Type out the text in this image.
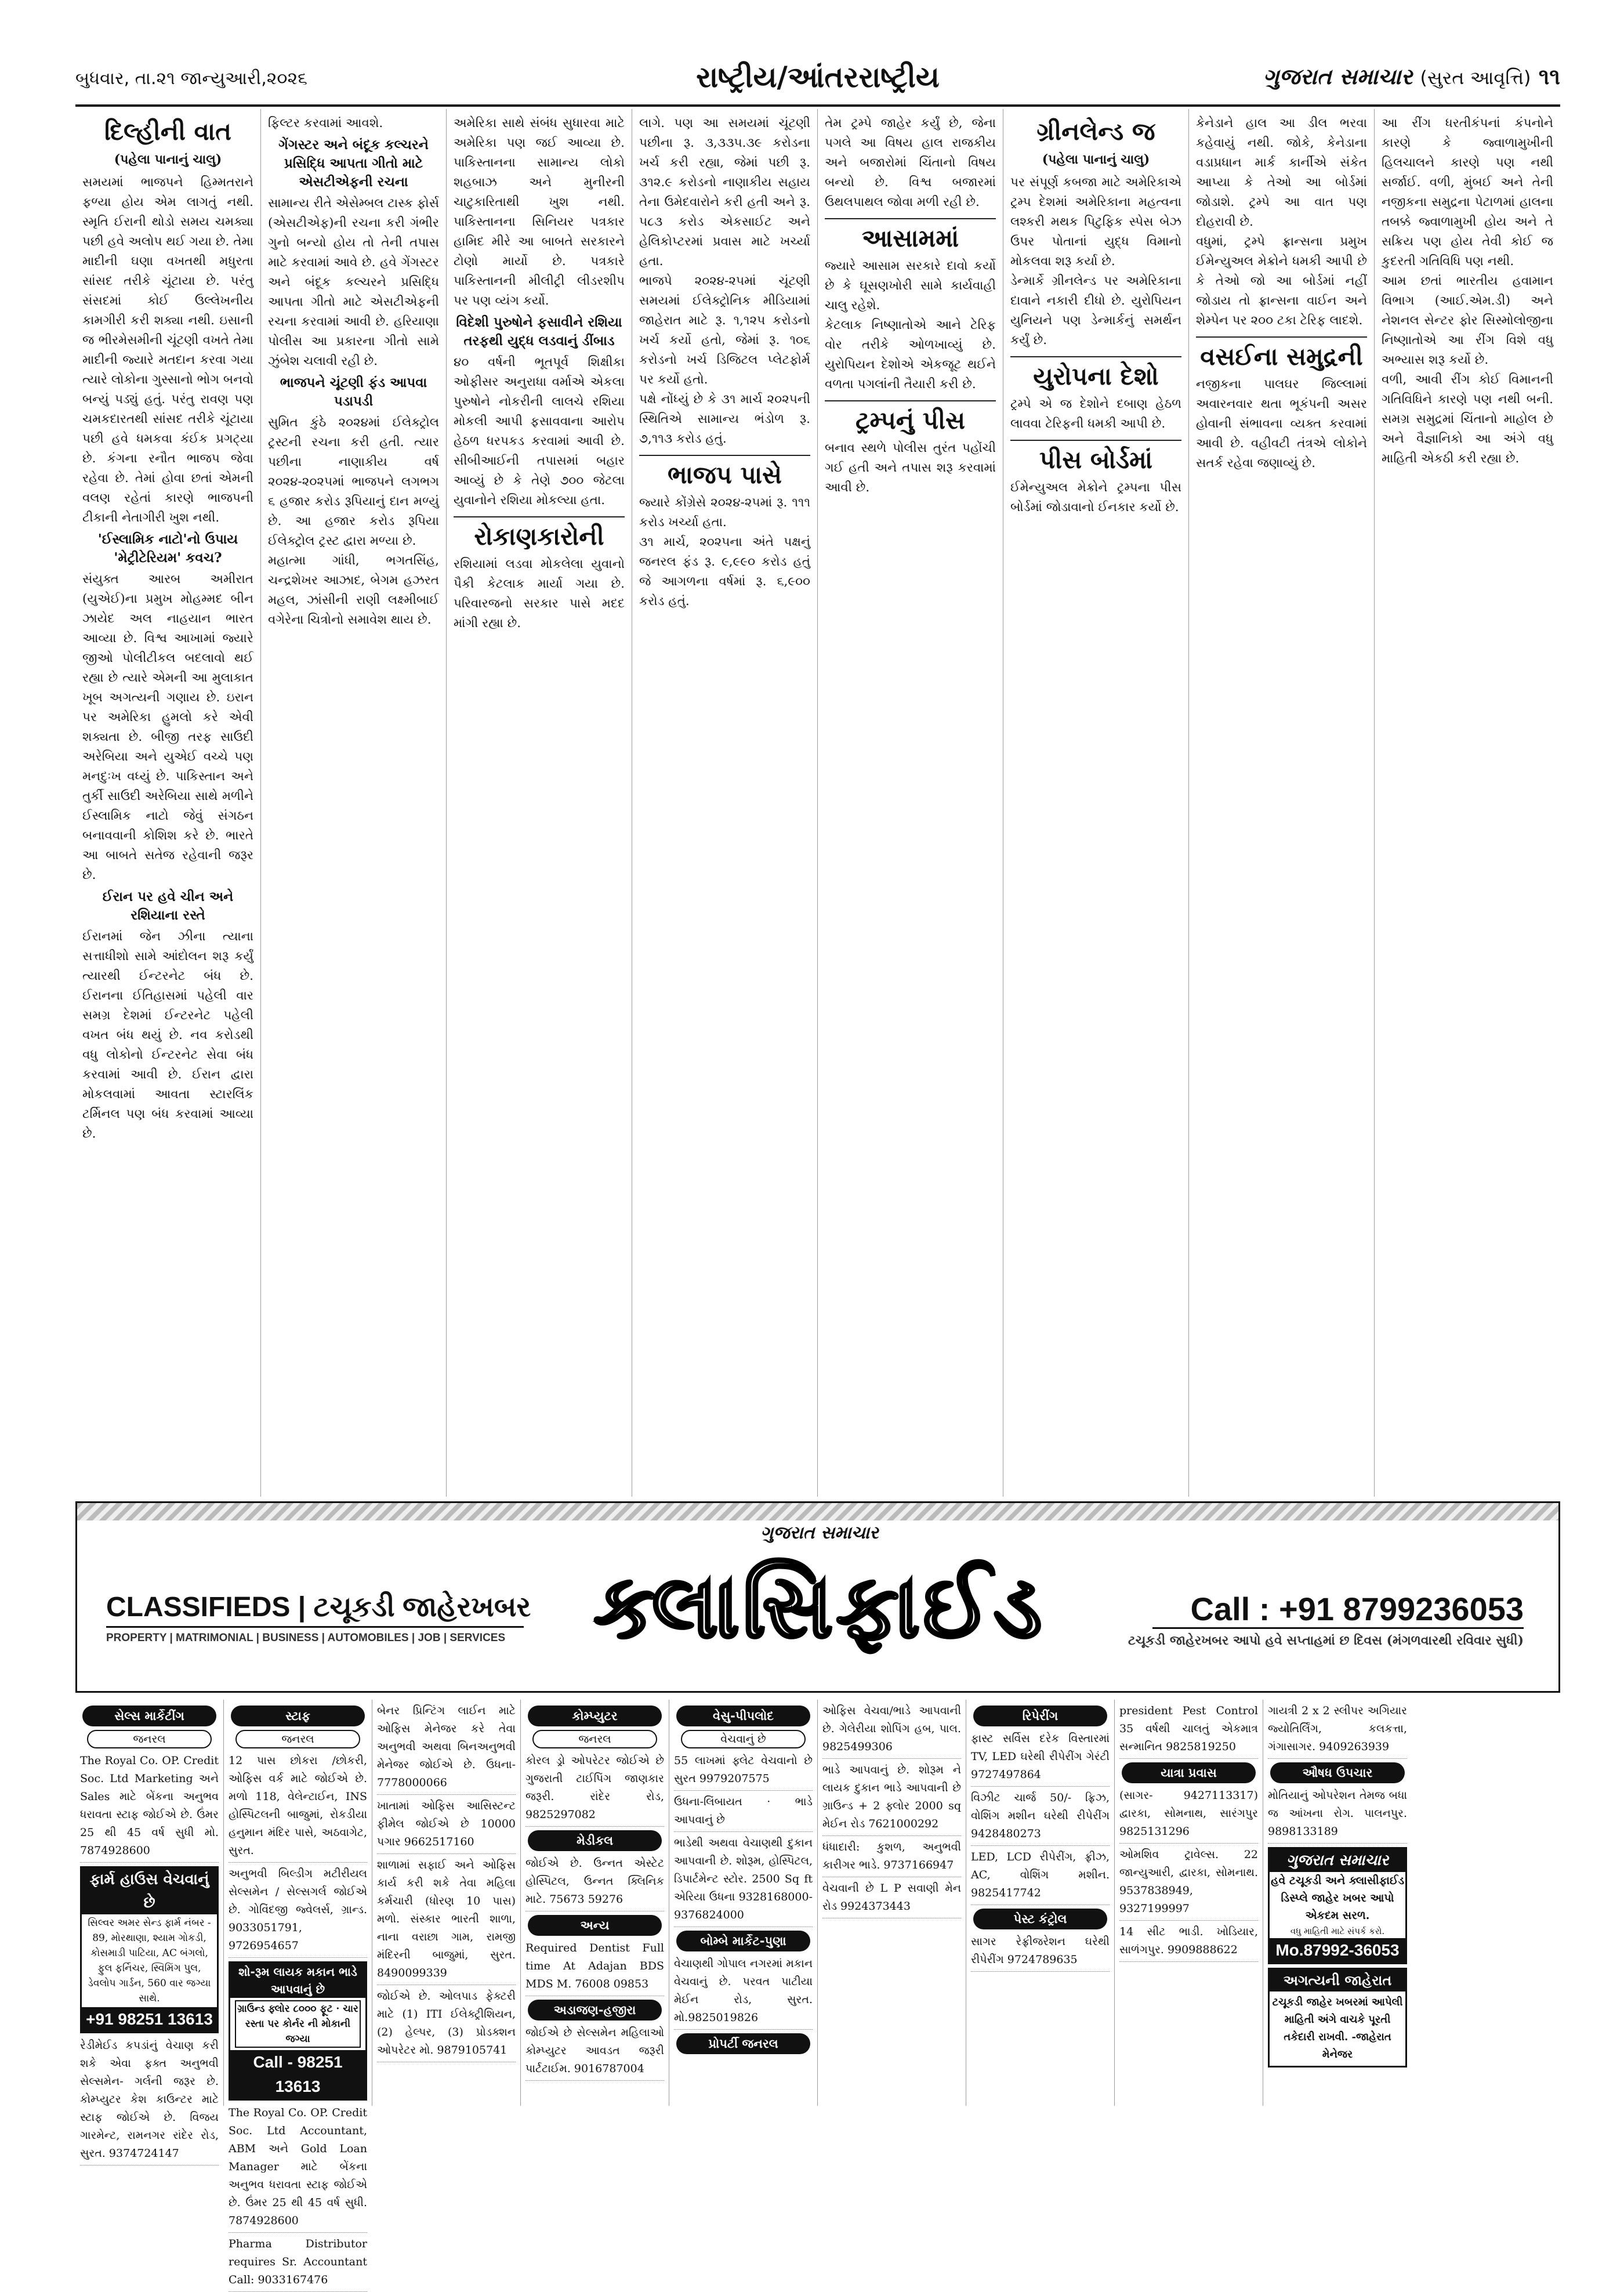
બુધવાર, તા.૨૧ જાન્યુઆરી,૨૦૨૬	રાષ્ટ્રીય/આંતરરાષ્ટ્રીય	ગુજરાત સમાચાર (સુરત આવૃત્તિ) ૧૧
દિલ્હીની વાત
(પહેલા પાનાનું ચાલુ)
સમયમાં ભાજપને હિમ્મતરાને ફળ્યા હોય એમ લાગતું નથી. સ્મૃતિ ઈરાની થોડો સમય ચમક્યા પછી હવે અલોપ થઈ ગયા છે. તેમા માદીની ઘણા વખતથી મધુરતા સાંસદ તરીકે ચૂંટાયા છે. પરંતુ સંસદમાં કોઈ ઉલ્લેખનીય કામગીરી કરી શક્યા નથી. ઇસાની જ ભીરમેસમીની ચૂંટણી વખતે તેમા માદીની જ્યારે મતદાન કરવા ગયા ત્યારે લોકોના ગુસ્સાનો ભોગ બનવો બન્યું પડ્યું હતું. પરંતુ રાવણ પણ ચમકદારતથી સાંસદ તરીકે ચૂંટાયા પછી હવે ધમકવા કંઈક પ્રગટ્યા છે. કંગના રનૌત ભાજપ જેવા રહેવા છે. તેમાં હોવા છતાં એમની વલણ રહેતાં કારણે ભાજપની ટીકાની નેતાગીરી ખુશ નથી.
'ઈસ્લામિક નાટો'નો ઉપાય 'મેટ્રીટેરિયમ' કવચ?
સંયુક્ત આરબ અમીરાત (યુએઈ)ના પ્રમુખ મોહમ્મદ બીન ઝાયેદ અલ નાહયાન ભારત આવ્યા છે. વિશ્વ આખામાં જ્યારે જીઓ પોલીટીકલ બદલાવો થઈ રહ્યા છે ત્યારે એમની આ મુલાકાત ખૂબ અગત્યની ગણાય છે. ઇરાન પર અમેરિકા હુમલો કરે એવી શક્યતા છે. બીજી તરફ સાઉદી અરેબિયા અને યુએઈ વચ્ચે પણ મનદુઃખ વધ્યું છે. પાકિસ્તાન અને તુર્કી સાઉદી અરેબિયા સાથે મળીને ઈસ્લામિક નાટો જેવું સંગઠન બનાવવાની કોશિશ કરે છે. ભારતે આ બાબતે સતેજ રહેવાની જરૂર છે.
ઈરાન પર હવે ચીન અને રશિયાના રસ્તે
ઈરાનમાં જેન ઝીના ત્યાના સત્તાધીશો સામે આંદોલન શરૂ કર્યું ત્યારથી ઈન્ટરનેટ બંધ છે. ઈરાનના ઈતિહાસમાં પહેલી વાર સમગ્ર દેશમાં ઈન્ટરનેટ પહેલી વખત બંધ થયું છે. નવ કરોડથી વધુ લોકોનો ઈન્ટરનેટ સેવા બંધ કરવામાં આવી છે. ઈરાન દ્વારા મોકલવામાં આવતા સ્ટારલિંક ટર્મિનલ પણ બંધ કરવામાં આવ્યા છે.
ફિલ્ટર કરવામાં આવશે.
ગેંગસ્ટર અને બંદૂક કલ્ચરને પ્રસિદ્ધિ આપતા ગીતો માટે એસટીએફની રચના
સામાન્ય રીતે એસેમ્બલ ટાસ્ક ફોર્સ (એસટીએફ)ની રચના કરી ગંભીર ગુનો બન્યો હોય તો તેની તપાસ માટે કરવામાં આવે છે. હવે ગેંગસ્ટર અને બંદૂક કલ્ચરને પ્રસિદ્ધિ આપતા ગીતો માટે એસટીએફની રચના કરવામાં આવી છે. હરિયાણા પોલીસ આ પ્રકારના ગીતો સામે ઝુંબેશ ચલાવી રહી છે.
ભાજપને ચૂંટણી ફંડ આપવા પડાપડી
સુમિત કુંઠે ૨૦૨૪માં ઈલેક્ટ્રોલ ટ્રસ્ટની રચના કરી હતી. ત્યાર પછીના નાણાકીય વર્ષ ૨૦૨૪-૨૦૨૫માં ભાજપને લગભગ ૬ હજાર કરોડ રૂપિયાનું દાન મળ્યું છે. આ હજાર કરોડ રૂપિયા ઈલેક્ટ્રોલ ટ્રસ્ટ દ્વારા મળ્યા છે.
મહાત્મા ગાંધી, ભગતસિંહ, ચન્દ્રશેખર આઝાદ, બેગમ હઝરત મહલ, ઝાંસીની રાણી લક્ષ્મીબાઈ વગેરેના ચિત્રોનો સમાવેશ થાય છે.
અમેરિકા સાથે સંબંધ સુધારવા માટે અમેરિકા પણ જઈ આવ્યા છે. પાકિસ્તાનના સામાન્ય લોકો શહબાઝ અને મુનીરની ચાટુકારિતાથી ખુશ નથી. પાકિસ્તાનના સિનિયર પત્રકાર હામિદ મીરે આ બાબતે સરકારને ટોણો માર્યો છે. પત્રકારે પાકિસ્તાનની મીલીટ્રી લીડરશીપ પર પણ વ્યંગ કર્યો.
વિદેશી પુરુષોને ફસાવીને રશિયા તરફથી યુદ્ધ લડવાનું ડીંબાડ
૪૦ વર્ષની ભૂતપૂર્વ શિક્ષીકા ઓફીસર અનુરાધા વર્માએ એકલા પુરુષોને નોકરીની લાલચે રશિયા મોકલી આપી ફસાવવાના આરોપ હેઠળ ધરપકડ કરવામાં આવી છે. સીબીઆઈની તપાસમાં બહાર આવ્યું છે કે તેણે ૭૦૦ જેટલા યુવાનોને રશિયા મોકલ્યા હતા.
રોકાણકારોની
રશિયામાં લડવા મોકલેલા યુવાનો પૈકી કેટલાક માર્યા ગયા છે. પરિવારજનો સરકાર પાસે મદદ માંગી રહ્યા છે.
લાગે. પણ આ સમયમાં ચૂંટણી પછીના રૂ. ૩,૩૩૫.૩૯ કરોડના ખર્ચ કરી રહ્યા, જેમાં પછી રૂ. ૩૧૨.૯ કરોડનો નાણાકીય સહાય તેના ઉમેદવારોને કરી હતી અને રૂ. ૫૮૩ કરોડ એકસાઈટ અને હેલિકોપ્ટરમાં પ્રવાસ માટે ખર્ચ્યા હતા.
ભાજપે ૨૦૨૪-૨૫માં ચૂંટણી સમયમાં ઈલેક્ટ્રોનિક મીડિયામાં જાહેરાત માટે રૂ. ૧,૧૨૫ કરોડનો ખર્ચ કર્યો હતો, જેમાં રૂ. ૧૦૬ કરોડનો ખર્ચ ડિજિટલ પ્લેટફોર્મ પર કર્યો હતો.
પક્ષે નોંધ્યું છે કે ૩૧ માર્ચ ૨૦૨૫ની સ્થિતિએ સામાન્ય ભંડોળ રૂ. ૭,૧૧૩ કરોડ હતું.
ભાજપ પાસે
જ્યારે કોંગ્રેસે ૨૦૨૪-૨૫માં રૂ. ૧૧૧ કરોડ ખર્ચ્યા હતા.
૩૧ માર્ચ, ૨૦૨૫ના અંતે પક્ષનું જનરલ ફંડ રૂ. ૯,૯૯૦ કરોડ હતું જે આગળના વર્ષમાં રૂ. ૬,૯૦૦ કરોડ હતું.
તેમ ટ્રમ્પે જાહેર કર્યું છે, જેના પગલે આ વિષય હાલ રાજકીય અને બજારોમાં ચિંતાનો વિષય બન્યો છે. વિશ્વ બજારમાં ઉથલપાથલ જોવા મળી રહી છે.
આસામમાં
જ્યારે આસામ સરકારે દાવો કર્યો છે કે ઘૂસણખોરી સામે કાર્યવાહી ચાલુ રહેશે.
કેટલાક નિષ્ણાતોએ આને ટેરિફ વોર તરીકે ઓળખાવ્યું છે. યુરોપિયન દેશોએ એકજૂટ થઈને વળતા પગલાંની તૈયારી કરી છે.
ટ્રમ્પનું પીસ
બનાવ સ્થળે પોલીસ તુરંત પહોંચી ગઈ હતી અને તપાસ શરૂ કરવામાં આવી છે.
ગ્રીનલેન્ડ જ
(પહેલા પાનાનું ચાલુ)
પર સંપૂર્ણ કબજા માટે અમેરિકાએ ટ્રમ્પ દેશમાં અમેરિકાના મહત્વના લશ્કરી મથક પિટુફિક સ્પેસ બેઝ ઉપર પોતાનાં યુદ્ધ વિમાનો મોકલવા શરૂ કર્યા છે.
ડેન્માર્કે ગ્રીનલેન્ડ પર અમેરિકાના દાવાને નકારી દીધો છે. યુરોપિયન યુનિયને પણ ડેન્માર્કનું સમર્થન કર્યું છે.
યુરોપના દેશો
ટ્રમ્પે એ જ દેશોને દબાણ હેઠળ લાવવા ટેરિફની ધમકી આપી છે.
પીસ બોર્ડમાં
ઈમેન્યુઅલ મેક્રોને ટ્રમ્પના પીસ બોર્ડમાં જોડાવાનો ઈનકાર કર્યો છે.
કેનેડાને હાલ આ ડીલ ભરવા કહેવાયું નથી. જોકે, કેનેડાના વડાપ્રધાન માર્ક કાર્નીએ સંકેત આપ્યા કે તેઓ આ બોર્ડમાં જોડાશે. ટ્રમ્પે આ વાત પણ દોહરાવી છે.
વધુમાં, ટ્રમ્પે ફ્રાન્સના પ્રમુખ ઈમેન્યુઅલ મેક્રોને ધમકી આપી છે કે તેઓ જો આ બોર્ડમાં નહીં જોડાય તો ફ્રાન્સના વાઈન અને શેમ્પેન પર ૨૦૦ ટકા ટેરિફ લાદશે.
વસઈના સમુદ્રની
નજીકના પાલઘર જિલ્લામાં અવારનવાર થતા ભૂકંપની અસર હોવાની સંભાવના વ્યક્ત કરવામાં આવી છે. વહીવટી તંત્રએ લોકોને સતર્ક રહેવા જણાવ્યું છે.
આ રીંગ ધરતીકંપનાં કંપનોને કારણે કે જ્વાળામુખીની હિલચાલને કારણે પણ નથી સર્જાઈ. વળી, મુંબઈ અને તેની નજીકના સમુદ્રના પેટાળમાં હાલના તબક્કે જ્વાળામુખી હોય અને તે સક્રિય પણ હોય તેવી કોઈ જ કુદરતી ગતિવિધિ પણ નથી.
આમ છતાં ભારતીય હવામાન વિભાગ (આઈ.એમ.ડી) અને નેશનલ સેન્ટર ફોર સિસ્મોલોજીના નિષ્ણાતોએ આ રીંગ વિશે વધુ અભ્યાસ શરૂ કર્યો છે.
વળી, આવી રીંગ કોઈ વિમાનની ગતિવિધિને કારણે પણ નથી બની. સમગ્ર સમુદ્રમાં ચિંતાનો માહોલ છે અને વૈજ્ઞાનિકો આ અંગે વધુ માહિતી એકઠી કરી રહ્યા છે.
ગુજરાત સમાચાર
ક્લાસિફાઈડ
CLASSIFIEDS | ટચૂકડી જાહેરખબર
PROPERTY | MATRIMONIAL | BUSINESS | AUTOMOBILES | JOB | SERVICES
Call : +91 8799236053
ટચૂકડી જાહેરખબર આપો હવે સપ્તાહમાં છ દિવસ (મંગળવારથી રવિવાર સુધી)
સેલ્સ માર્કેટીંગ
જનરલ
The Royal Co. OP. Credit Soc. Ltd Marketing અને Sales માટે બેંકના અનુભવ ધરાવતા સ્ટાફ જોઈએ છે. ઉંમર 25 થી 45 વર્ષ સુધી મો. 7874928600
ફાર્મ હાઉસ વેચવાનું છે
સિલ્વર અમર સેન્ડ ફાર્મ નંબર - 89, મોરથાણા, શ્યામ ગોકડી, કોસમાડી પાટિયા, AC બંગલો, ફુલ ફર્નિચર, સ્વિમિંગ પુલ, ડેવલોપ ગાર્ડન, 560 વાર જગ્યા સાથે.
+91 98251 13613
રેડીમેઈડ કપડાંનું વેચાણ કરી શકે એવા ફક્ત અનુભવી સેલ્સમેન- ગર્લની જરૂર છે. કોમ્પ્યુટર કેશ કાઉન્ટર માટે સ્ટાફ જોઈએ છે. વિજય ગારમેન્ટ, રામનગર રાંદેર રોડ, સુરત. 9374724147
સ્ટાફ
જનરલ
12 પાસ છોકરા /છોકરી, ઓફિસ વર્ક માટે જોઈએ છે. મળો 118, વેલેન્ટાઈન, INS હોસ્પિટલની બાજુમાં, રોકડીયા હનુમાન મંદિર પાસે, અઠવાગેટ, સુરત.
અનુભવી બિલ્ડીગ મટીરીયલ સેલ્સમેન / સેલ્સગર્લ જોઈએ છે. ગોવિંદજી જ્વેલર્સ, ગ્રાન્ડ. 9033051791, 9726954657
શો-રૂમ લાયક મકાન ભાડે આપવાનું છે
ગ્રાઉન્ડ ફ્લોર ૮૦૦૦ ફૂટ · ચાર રસ્તા પર કોર્નર ની મોકાની જગ્યા
Call - 98251 13613
The Royal Co. OP. Credit Soc. Ltd Accountant, ABM અને Gold Loan Manager માટે બેંકના અનુભવ ધરાવતા સ્ટાફ જોઈએ છે. ઉંમર 25 થી 45 વર્ષ સુધી. 7874928600
Pharma Distributor requires Sr. Accountant Call: 9033167476
બેનર પ્રિન્ટિંગ લાઈન માટે ઓફિસ મેનેજર કરે તેવા અનુભવી અથવા બિનઅનુભવી મેનેજર જોઈએ છે. ઉધના- 7778000066
ખાતામાં ઓફિસ આસિસ્ટન્ટ ફીમેલ જોઈએ છે 10000 પગાર 9662517160
શાળામાં સફાઈ અને ઓફિસ કાર્ય કરી શકે તેવા મહિલા કર્મચારી (ધોરણ 10 પાસ) મળો. સંસ્કાર ભારતી શાળા, નાના વરાછા ગામ, રામજી મંદિરની બાજુમાં, સુરત. 8490099339
જોઈએ છે. ઓલપાડ ફેક્ટરી માટે (1) ITI ઈલેક્ટ્રીશિયન, (2) હેલ્પર, (3) પ્રોડક્શન ઓપરેટર મો. 9879105741
કોમ્પ્યુટર
જનરલ
કોરલ ડ્રો ઓપરેટર જોઈએ છે ગુજરાતી ટાઈપિંગ જાણકાર જરૂરી. રાંદેર રોડ, 9825297082
મેડીકલ
જોઈએ છે. ઉન્નત એસ્ટેટ હોસ્પિટલ, ઉન્નત ક્લિનિક માટે. 75673 59276
અન્ય
Required Dentist Full time At Adajan BDS MDS M. 76008 09853
અડાજણ-હજીરા
જોઈએ છે સેલ્સમેન મહિલાઓ કોમ્પ્યુટર આવડત જરૂરી પાર્ટટાઈમ. 9016787004
વેસુ-પીપલોદ
વેચવાનું છે
55 લાખમાં ફ્લેટ વેચવાનો છે સુરત 9979207575
ઉધના-લિંબાયત · ભાડે આપવાનું છે
ભાડેથી અથવા વેચાણથી દુકાન આપવાની છે. શોરૂમ, હોસ્પિટલ, ડિપાર્ટમેન્ટ સ્ટોર. 2500 Sq ft એરિયા ઉધના 9328168000- 9376824000
બોમ્બે માર્કેટ-પુણા
વેચાણથી ગોપાલ નગરમાં મકાન વેચવાનું છે. પરવત પાટીયા મેઈન રોડ, સુરત. મો.9825019826
પ્રોપર્ટી જનરલ
ઓફિસ વેચવા/ભાડે આપવાની છે. ગેલેરીયા શોપિંગ હબ, પાલ. 9825499306
ભાડે આપવાનું છે. શોરૂમ ને લાયક દુકાન ભાડે આપવાની છે ગ્રાઉન્ડ + 2 ફ્લોર 2000 sq મેઈન રોડ 7621000292
ધંધાદારી: કુશળ, અનુભવી કારીગર ભાડે. 9737166947
વેચવાની છે L P સવાણી મેન રોડ 9924373443
રિપેરીંગ
ફાસ્ટ સર્વિસ દરેક વિસ્તારમાં TV, LED ઘરેથી રીપેરીંગ ગેરંટી 9727497864
વિઝીટ ચાર્જ 50/- ફ્રિઝ, વોશિંગ મશીન ઘરેથી રીપેરીંગ 9428480273
LED, LCD રીપેરીંગ, ફ્રીઝ, AC, વોશિંગ મશીન. 9825417742
પેસ્ટ કંટ્રોલ
સાગર રેફ્રીજરેશન ઘરેથી રીપેરીંગ 9724789635
president Pest Control 35 વર્ષથી ચાલતું એકમાત્ર સન્માનિત 9825819250
યાત્રા પ્રવાસ
(સાગર- 9427113317) દ્વારકા, સોમનાથ, સારંગપુર 9825131296
ઓમશિવ ટ્રાવેલ્સ. 22 જાન્યુઆરી, દ્વારકા, સોમનાથ. 9537838949, 9327199997
14 સીટ ભાડી. ખોડિયાર, સાળંગપુર. 9909888622
ગાયત્રી 2 x 2 સ્લીપર અગિયાર જ્યોતિર્લિંગ, કલકત્તા, ગંગાસાગર. 9409263939
ઔષધ ઉપચાર
મોતિયાનું ઓપરેશન તેમજ બધા જ આંખના રોગ. પાલનપુર. 9898133189
ગુજરાત સમાચાર
હવે ટચૂકડી અને ક્લાસીફાઈડ ડિસ્પ્લે જાહેર ખબર આપો એકદમ સરળ.
વધુ માહિતી માટે સંપર્ક કરો.
Mo.87992-36053
અગત્યની જાહેરાત
ટચૂકડી જાહેર ખબરમાં આપેલી માહિતી અંગે વાચકે પૂરતી તકેદારી રાખવી. -જાહેરાત મેનેજર
